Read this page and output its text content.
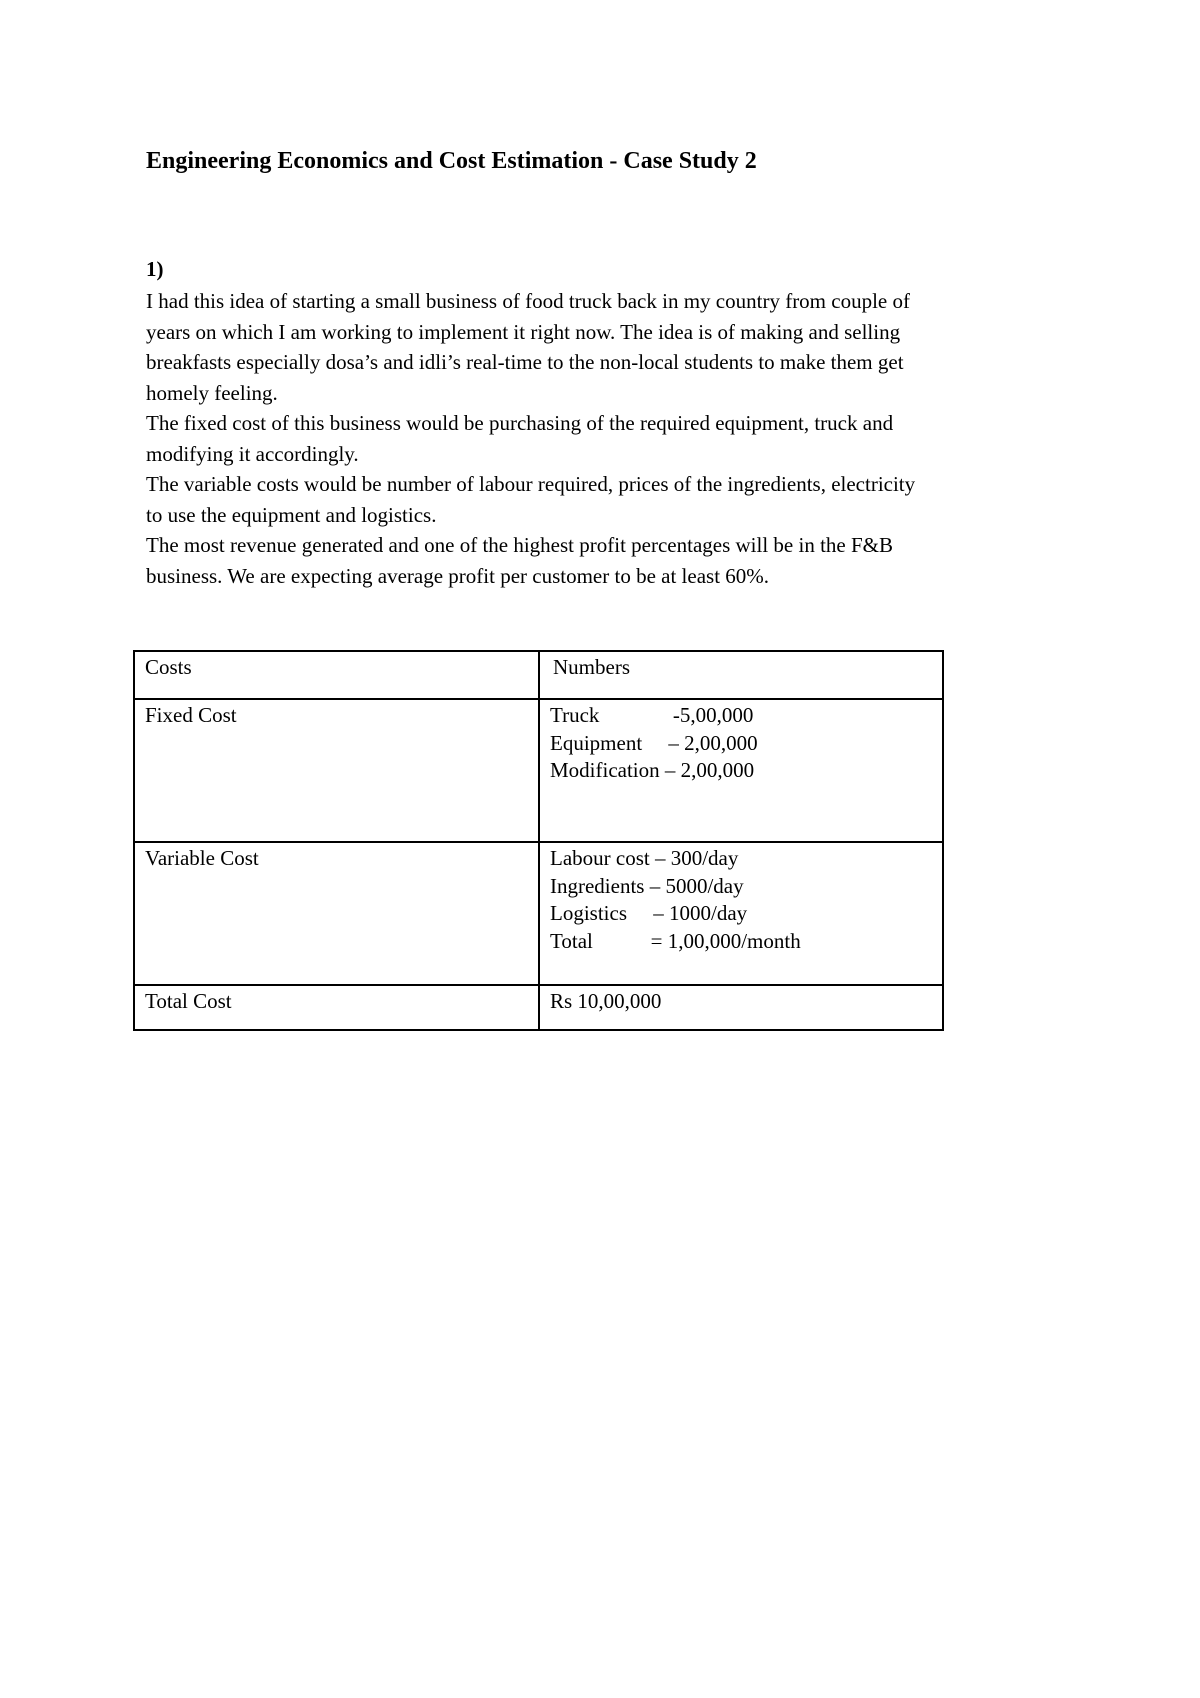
Engineering Economics and Cost Estimation - Case Study 2
1)

I had this idea of starting a small business of food truck back in my country from couple of

years on which I am working to implement it right now. The idea is of making and selling

breakfasts especially dosa’s and idli’s real-time to the non-local students to make them get

homely feeling.

The fixed cost of this business would be purchasing of the required equipment, truck and

modifying it accordingly.

The variable costs would be number of labour required, prices of the ingredients, electricity

to use the equipment and logistics.

The most revenue generated and one of the highest profit percentages will be in the F&B

business. We are expecting average profit per customer to be at least 60%.

Costs	Numbers
Fixed Cost	Truck              -5,00,000
Equipment     – 2,00,000
Modification – 2,00,000

Variable Cost	Labour cost – 300/day
Ingredients – 5000/day
Logistics     – 1000/day
Total           = 1,00,000/month

Total Cost	Rs 10,00,000
